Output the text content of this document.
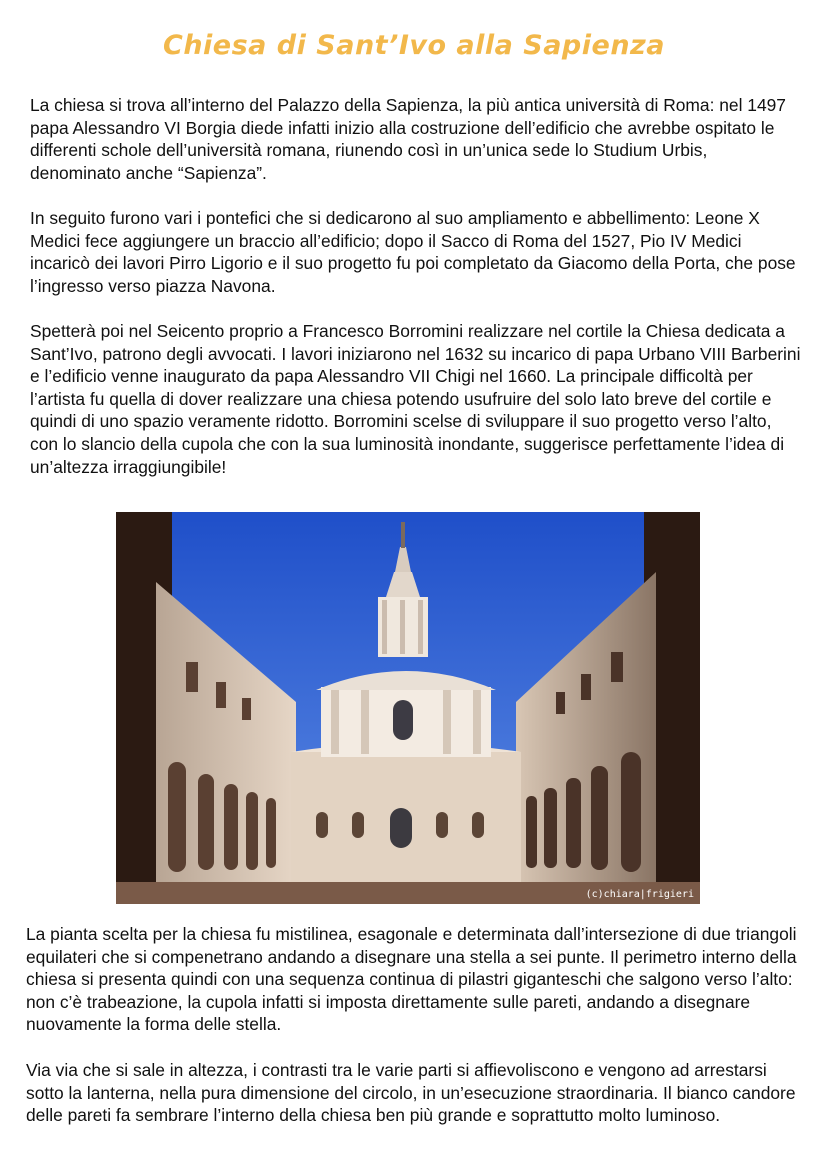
Chiesa di Sant’Ivo alla Sapienza

La chiesa si trova all’interno del Palazzo della Sapienza, la più antica università di Roma: nel 1497 papa Alessandro VI Borgia diede infatti inizio alla costruzione dell’edificio che avrebbe ospitato le differenti schole dell’università romana, riunendo così in un’unica sede lo Studium Urbis, denominato anche “Sapienza”.

In seguito furono vari i pontefici che si dedicarono al suo ampliamento e abbellimento: Leone X Medici fece aggiungere un braccio all’edificio; dopo il Sacco di Roma del 1527, Pio IV Medici incaricò dei lavori Pirro Ligorio e il suo progetto fu poi completato da Giacomo della Porta, che pose l’ingresso verso piazza Navona.

Spetterà poi nel Seicento proprio a Francesco Borromini realizzare nel cortile la Chiesa dedicata a Sant’Ivo, patrono degli avvocati. I lavori iniziarono nel 1632 su incarico di papa Urbano VIII Barberini e l’edificio venne inaugurato da papa Alessandro VII Chigi nel 1660. La principale difficoltà per l’artista fu quella di dover realizzare una chiesa potendo usufruire del solo lato breve del cortile e quindi di uno spazio veramente ridotto. Borromini scelse di sviluppare il suo progetto verso l’alto, con lo slancio della cupola che con la sua luminosità inondante, suggerisce perfettamente l’idea di un’altezza irraggiungibile!

(c)chiara|frigieri

La pianta scelta per la chiesa fu mistilinea, esagonale e determinata dall’intersezione di due triangoli equilateri che si compenetrano andando a disegnare una stella a sei punte. Il perimetro interno della chiesa si presenta quindi con una sequenza continua di pilastri giganteschi che salgono verso l’alto: non c’è trabeazione, la cupola infatti si imposta direttamente sulle pareti, andando a disegnare nuovamente la forma delle stella.

Via via che si sale in altezza, i contrasti tra le varie parti si affievoliscono e vengono ad arrestarsi sotto la lanterna, nella pura dimensione del circolo, in un’esecuzione straordinaria. Il bianco candore delle pareti fa sembrare l’interno della chiesa ben più grande e soprattutto molto luminoso.
